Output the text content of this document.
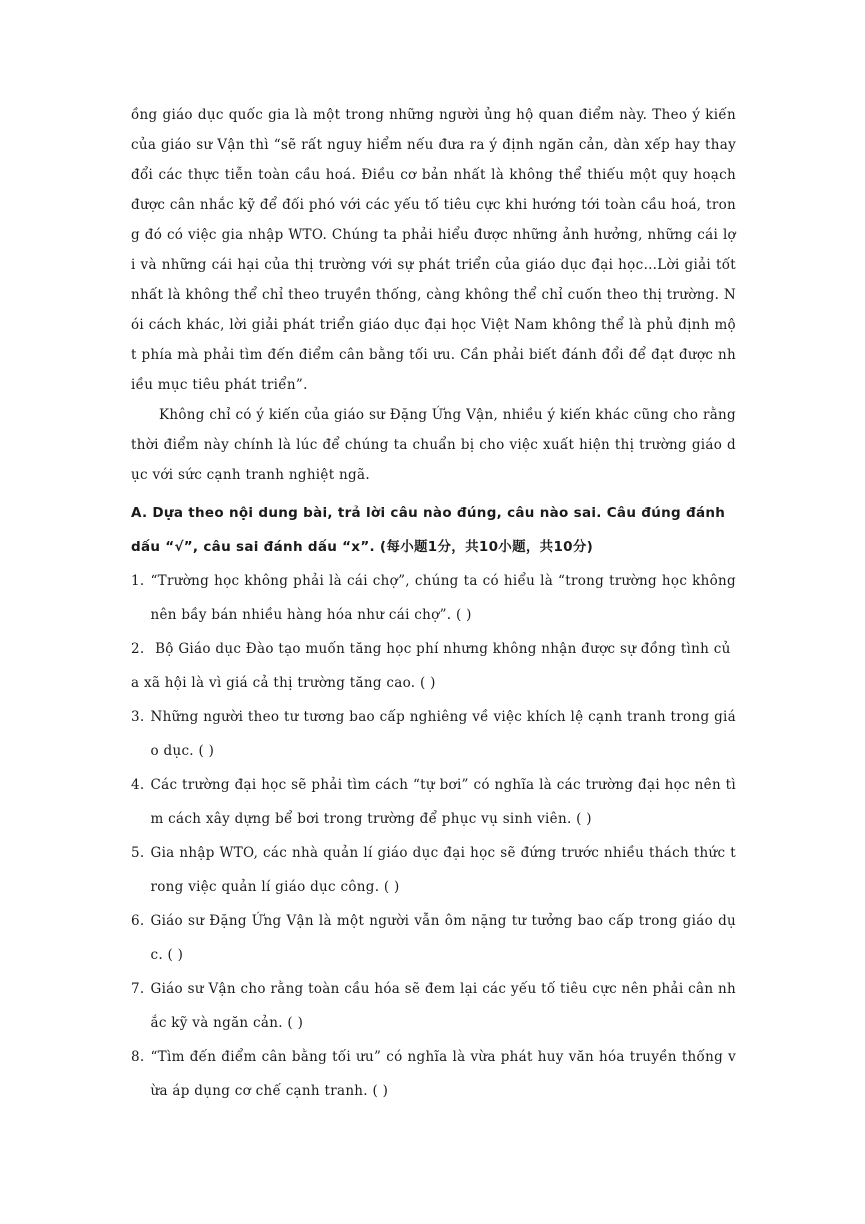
ồng giáo dục quốc gia là một trong những người ủng hộ quan điểm này. Theo ý kiến của giáo sư Vận thì “sẽ rất nguy hiểm nếu đưa ra ý định ngăn cản, dàn xếp hay thay đổi các thực tiễn toàn cầu hoá. Điều cơ bản nhất là không thể thiếu một quy hoạch được cân nhắc kỹ để đối phó với các yếu tố tiêu cực khi hướng tới toàn cầu hoá, trong đó có việc gia nhập WTO. Chúng ta phải hiểu được những ảnh hưởng, những cái lợi và những cái hại của thị trường với sự phát triển của giáo dục đại học…Lời giải tốt nhất là không thể chỉ theo truyền thống, càng không thể chỉ cuốn theo thị trường. Nói cách khác, lời giải phát triển giáo dục đại học Việt Nam không thể là phủ định một phía mà phải tìm đến điểm cân bằng tối ưu. Cần phải biết đánh đổi để đạt được nhiều mục tiêu phát triển”.

Không chỉ có ý kiến của giáo sư Đặng Ứng Vận, nhiều ý kiến khác cũng cho rằng thời điểm này chính là lúc để chúng ta chuẩn bị cho việc xuất hiện thị trường giáo dục với sức cạnh tranh nghiệt ngã.

A. Dựa theo nội dung bài, trả lời câu nào đúng, câu nào sai. Câu đúng đánh dấu “√”, câu sai đánh dấu “x”. (每小题1分，共10小题，共10分)

1. “Trường học không phải là cái chợ”, chúng ta có hiểu là “trong trường học không nên bầy bán nhiều hàng hóa như cái chợ”. ( )
2. Bộ Giáo dục Đào tạo muốn tăng học phí nhưng không nhận được sự đồng tình của xã hội là vì giá cả thị trường tăng cao. ( )
3. Những người theo tư tương bao cấp nghiêng về việc khích lệ cạnh tranh trong giáo dục. ( )
4. Các trường đại học sẽ phải tìm cách “tự bơi” có nghĩa là các trường đại học nên tìm cách xây dựng bể bơi trong trường để phục vụ sinh viên. ( )
5. Gia nhập WTO, các nhà quản lí giáo dục đại học sẽ đứng trước nhiều thách thức trong việc quản lí giáo dục công. ( )
6. Giáo sư Đặng Ứng Vận là một người vẫn ôm nặng tư tưởng bao cấp trong giáo dục. ( )
7. Giáo sư Vận cho rằng toàn cầu hóa sẽ đem lại các yếu tố tiêu cực nên phải cân nhắc kỹ và ngăn cản. ( )
8. “Tìm đến điểm cân bằng tối ưu” có nghĩa là vừa phát huy văn hóa truyền thống vừa áp dụng cơ chế cạnh tranh. ( )
